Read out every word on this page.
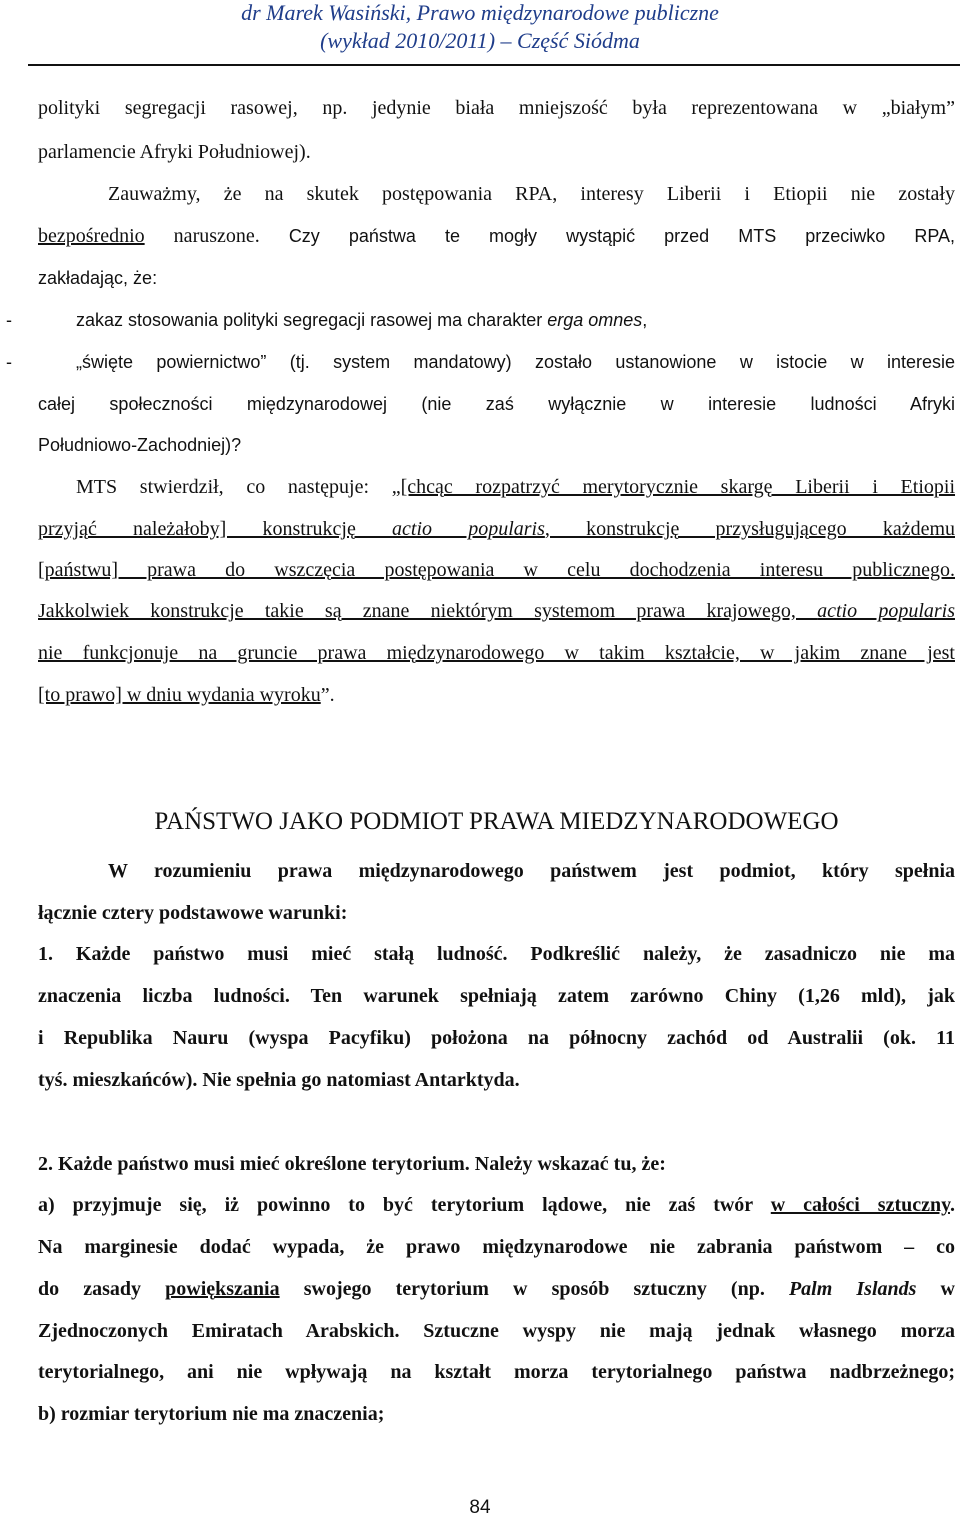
dr Marek Wasiński, Prawo międzynarodowe publiczne
(wykład 2010/2011) – Część Siódma
polityki segregacji rasowej, np. jedynie biała mniejszość była reprezentowana w „białym”
parlamencie Afryki Południowej).
Zauważmy, że na skutek postępowania RPA, interesy Liberii i Etiopii nie zostały
bezpośrednio naruszone. Czy państwa te mogły wystąpić przed MTS przeciwko RPA,
zakładając, że:
-	zakaz stosowania polityki segregacji rasowej ma charakter erga omnes,
-	„święte powiernictwo” (tj. system mandatowy) zostało ustanowione w istocie w interesie
całej społeczności międzynarodowej (nie zaś wyłącznie w interesie ludności Afryki
Południowo-Zachodniej)?
MTS stwierdził, co następuje: „[chcąc rozpatrzyć merytorycznie skargę Liberii i Etiopii
przyjąć należałoby] konstrukcję actio popularis, konstrukcję przysługującego każdemu
[państwu] prawa do wszczęcia postępowania w celu dochodzenia interesu publicznego.
Jakkolwiek konstrukcje takie są znane niektórym systemom prawa krajowego, actio popularis
nie funkcjonuje na gruncie prawa międzynarodowego w takim kształcie, w jakim znane jest
[to prawo] w dniu wydania wyroku”.
PAŃSTWO JAKO PODMIOT PRAWA MIEDZYNARODOWEGO
W rozumieniu prawa międzynarodowego państwem jest podmiot, który spełnia
łącznie cztery podstawowe warunki:
1. Każde państwo musi mieć stałą ludność. Podkreślić należy, że zasadniczo nie ma
znaczenia liczba ludności. Ten warunek spełniają zatem zarówno Chiny (1,26 mld), jak
i Republika Nauru (wyspa Pacyfiku) położona na północny zachód od Australii (ok. 11
tyś. mieszkańców). Nie spełnia go natomiast Antarktyda.
2. Każde państwo musi mieć określone terytorium. Należy wskazać tu, że:
a) przyjmuje się, iż powinno to być terytorium lądowe, nie zaś twór w całości sztuczny.
Na marginesie dodać wypada, że prawo międzynarodowe nie zabrania państwom – co
do zasady powiększania swojego terytorium w sposób sztuczny (np. Palm Islands w
Zjednoczonych Emiratach Arabskich. Sztuczne wyspy nie mają jednak własnego morza
terytorialnego, ani nie wpływają na kształt morza terytorialnego państwa nadbrzeżnego;
b) rozmiar terytorium nie ma znaczenia;
84
